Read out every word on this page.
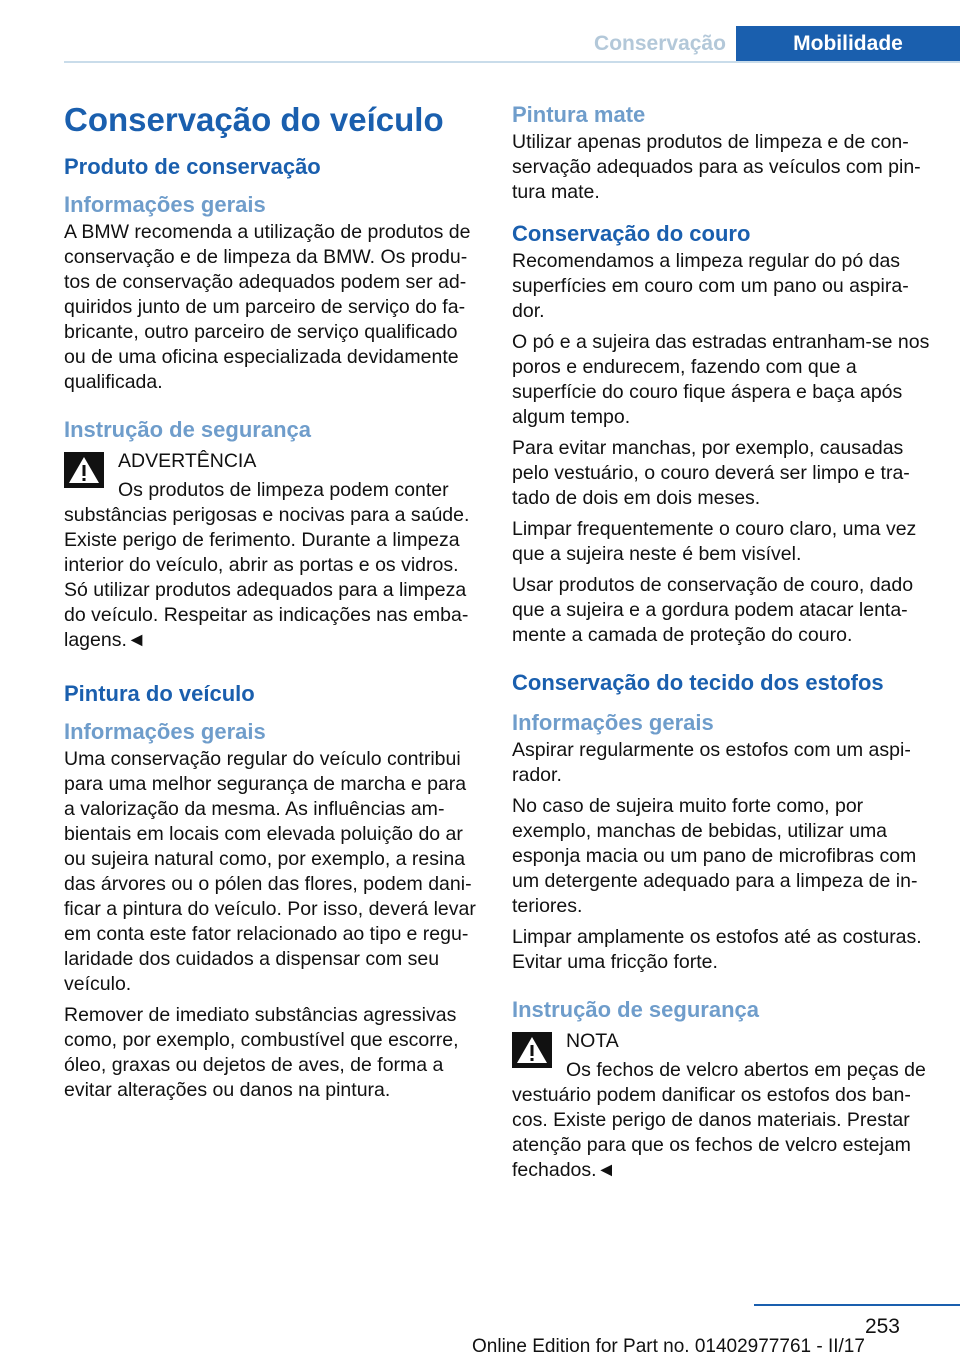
Conservação	Mobilidade
Conservação do veículo
Produto de conservação
Informações gerais

A BMW recomenda a utilização de produtos de conservação e de limpeza da BMW. Os produtos de conservação adequados podem ser adquiridos junto de um parceiro de serviço do fabricante, outro parceiro de serviço qualificado ou de uma oficina especializada devidamente qualificada.

Instrução de segurança
ADVERTÊNCIA

Os produtos de limpeza podem conter substâncias perigosas e nocivas para a saúde. Existe perigo de ferimento. Durante a limpeza interior do veículo, abrir as portas e os vidros. Só utilizar produtos adequados para a limpeza do veículo. Respeitar as indicações nas embalagens.◄

Pintura do veículo
Informações gerais

Uma conservação regular do veículo contribui para uma melhor segurança de marcha e para a valorização da mesma. As influências ambientais em locais com elevada poluição do ar ou sujeira natural como, por exemplo, a resina das árvores ou o pólen das flores, podem danificar a pintura do veículo. Por isso, deverá levar em conta este fator relacionado ao tipo e regularidade dos cuidados a dispensar com seu veículo.

Remover de imediato substâncias agressivas como, por exemplo, combustível que escorre, óleo, graxas ou dejetos de aves, de forma a evitar alterações ou danos na pintura.

Pintura mate

Utilizar apenas produtos de limpeza e de conservação adequados para as veículos com pintura mate.

Conservação do couro

Recomendamos a limpeza regular do pó das superfícies em couro com um pano ou aspirador.

O pó e a sujeira das estradas entranham-se nos poros e endurecem, fazendo com que a superfície do couro fique áspera e baça após algum tempo.

Para evitar manchas, por exemplo, causadas pelo vestuário, o couro deverá ser limpo e tratado de dois em dois meses.

Limpar frequentemente o couro claro, uma vez que a sujeira neste é bem visível.

Usar produtos de conservação de couro, dado que a sujeira e a gordura podem atacar lentamente a camada de proteção do couro.

Conservação do tecido dos estofos
Informações gerais

Aspirar regularmente os estofos com um aspirador.

No caso de sujeira muito forte como, por exemplo, manchas de bebidas, utilizar uma esponja macia ou um pano de microfibras com um detergente adequado para a limpeza de interiores.

Limpar amplamente os estofos até as costuras. Evitar uma fricção forte.

Instrução de segurança
NOTA

Os fechos de velcro abertos em peças de vestuário podem danificar os estofos dos bancos. Existe perigo de danos materiais. Prestar atenção para que os fechos de velcro estejam fechados.◄

253
Online Edition for Part no. 01402977761 - II/17
